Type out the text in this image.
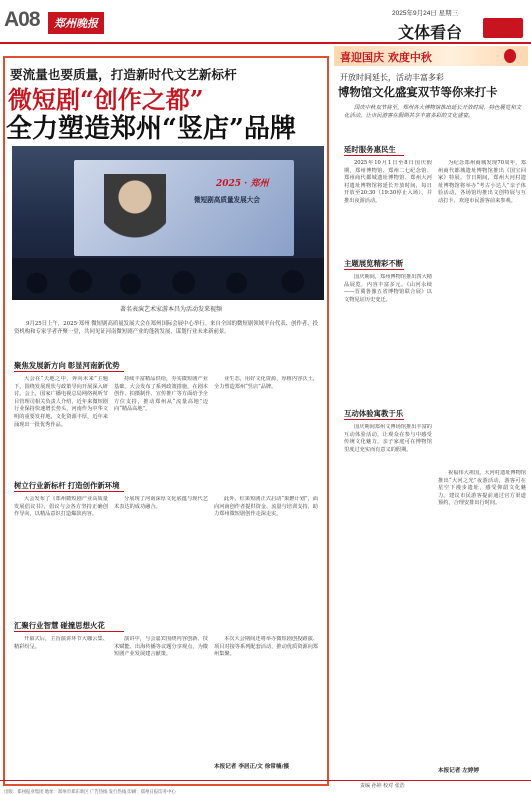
A08	郑州晚报
2025年9月24日 星期三
文体看台
要流量也要质量，打造新时代文艺新标杆
微短剧“创作之都”
全力塑造郑州“竖店”品牌
2025 · 郑州
微短剧高质量发展大会
著名表演艺术家游本昌为活动发来视频
9月25日上午，2025·郑州 微短剧高质量发展大会在郑州国际会展中心举行。来自全国的微短剧领域平台代表、创作者、投资机构和专家学者齐聚一堂，共同见证河南微短剧产业的蓬勃发展，谋划行业未来新前景。
聚焦发展新方向 彰显河南新优势
大会在“天地之中，奔向未来”主题下，围绕发展现状与政策导向开展深入研讨。会上，国家广播电视总局网络视听节目管理司相关负责人介绍，近年来微短剧行业保持快速增长势头，河南作为中华文明的重要发祥地，文化资源丰厚，近年来涌现出一批优秀作品。
持续丰富精品供给，夯实微短剧产业基础。大会发布了系列政策措施，在剧本创作、拍摄制作、宣传推广等方面给予全方位支持，推动郑州从“流量高地”迈向“精品高地”。
业生态，用好文化资源，厚植内容沃土，全力塑造郑州“竖店”品牌。
树立行业新标杆 打造创作新环境
大会发布了《郑州微短剧产业高质量发展倡议书》，倡议与会各方坚持正确创作导向，以精品意识打造爆款内容。
分展现了河南深厚文化底蕴与现代艺术表达的成功融合。
此外，红果短剧正式启动“果燃计划”，面向河南创作者提供资金、流量与培训支持，助力郑州微短剧创作走深走实。
汇聚行业智慧 碰撞思想火花
开幕式后，主旨演讲环节大咖云集、精彩纷呈。
演讲中，与会嘉宾围绕内容创新、技术赋能、出海传播等议题分享观点，为微短剧产业发展建言献策。
本次大会期间还将举办微短剧创投路演、项目对接等系列配套活动，推动优质资源向郑州集聚。
本报记者 李居正/文 徐常楠/摄
喜迎国庆 欢度中秋
开放时间延长，活动丰富多彩
博物馆文化盛宴双节等你来打卡
国庆中秋双节将至，郑州各大博物馆推出延长开放时间、特色展览和文化活动，让市民游客在假期共享丰富多彩的文化盛宴。
延时服务惠民生
2025年10月1日至8日国庆假期，郑州博物馆、郑州二七纪念馆、郑州商代都城遗址博物馆、郑州大河村遗址博物馆将延长开放时间，每日开放至20:30（19:30停止入场），并推出夜游活动。
主题展览精彩不断
国庆期间，郑州博物馆推出四大精品展览，内容丰富多元。《山河永续——晋冀鲁豫五省博物馆联合展》以文物见证历史变迁。
互动体验寓教于乐
国庆期间郑州文博场馆推出丰富的互动体验活动，让观众在参与中感受传统文化魅力，亲子家庭可在博物馆里度过充实而有意义的假期。
为纪念郑州商城发现70周年，郑州商代都城遗址博物馆推出《国宝回家》特展。节日期间，郑州大河村遗址博物馆将举办“考古小达人”亲子体验活动，各场馆均推出文创特展与互动打卡，欢迎市民游客前来参观。
祝福伟大祖国。大河村遗址博物馆推出“大河之光”夜游活动，游客可在星空下漫步遗址，感受仰韶文化魅力。建议市民游客提前通过官方渠道预约，合理安排出行时间。
本报记者 左婷婷
责编 孙婷 校对 张浩
出版：郑州报业集团 地址：郑州市郑东新区 广告热线 发行热线 印刷：郑州日报印务中心
